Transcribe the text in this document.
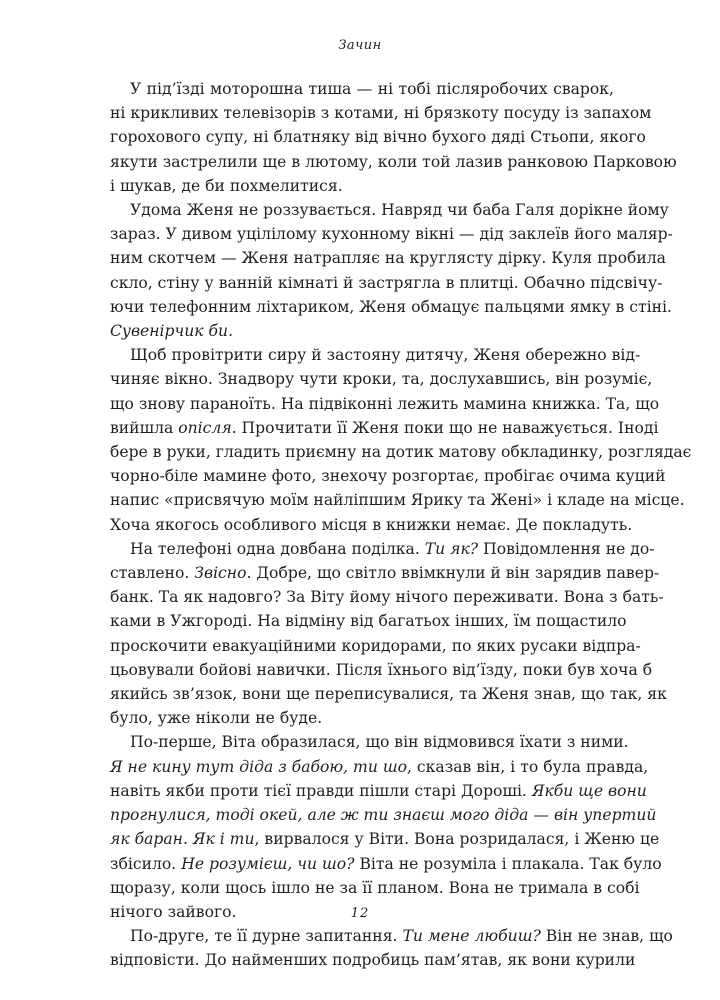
Зачин
У під’їзді моторошна тиша — ні тобі післяробочих сварок,
ні крикливих телевізорів з котами, ні брязкоту посуду із запахом
горохового супу, ні блатняку від вічно бухого дяді Стьопи, якого
якути застрелили ще в лютому, коли той лазив ранковою Парковою
і шукав, де би похмелитися.
Удома Женя не роззувається. Навряд чи баба Галя дорікне йому
зараз. У дивом уцілілому кухонному вікні — дід заклеїв його маляр-
ним скотчем — Женя натрапляє на круглясту дірку. Куля пробила
скло, стіну у ванній кімнаті й застрягла в плитці. Обачно підсвічу-
ючи телефонним ліхтариком, Женя обмацує пальцями ямку в стіні.
Сувенірчик би.
Щоб провітрити сиру й застояну дитячу, Женя обережно від-
чиняє вікно. Знадвору чути кроки, та, дослухавшись, він розуміє,
що знову параноїть. На підвіконні лежить мамина книжка. Та, що
вийшла опісля. Прочитати її Женя поки що не наважується. Іноді
бере в руки, гладить приємну на дотик матову обкладинку, розглядає
чорно-біле мамине фото, знехочу розгортає, пробігає очима куций
напис «присвячую моїм найліпшим Ярику та Жені» і кладе на місце.
Хоча якогось особливого місця в книжки немає. Де покладуть.
На телефоні одна довбана поділка. Ти як? Повідомлення не до-
ставлено. Звісно. Добре, що світло ввімкнули й він зарядив павер-
банк. Та як надовго? За Віту йому нічого переживати. Вона з бать-
ками в Ужгороді. На відміну від багатьох інших, їм пощастило
проскочити евакуаційними коридорами, по яких русаки відпра-
цьовували бойові навички. Після їхнього від’їзду, поки був хоча б
якийсь зв’язок, вони ще переписувалися, та Женя знав, що так, як
було, уже ніколи не буде.
По-перше, Віта образилася, що він відмовився їхати з ними.
Я не кину тут діда з бабою, ти шо, сказав він, і то була правда,
навіть якби проти тієї правди пішли старі Дороші. Якби ще вони
прогнулися, тоді окей, але ж ти знаєш мого діда — він упертий
як баран. Як і ти, вирвалося у Віти. Вона розридалася, і Женю це
збісило. Не розумієш, чи шо? Віта не розуміла і плакала. Так було
щоразу, коли щось ішло не за її планом. Вона не тримала в собі
нічого зайвого.
По-друге, те її дурне запитання. Ти мене любиш? Він не знав, що
відповісти. До найменших подробиць пам’ятав, як вони курили
12
